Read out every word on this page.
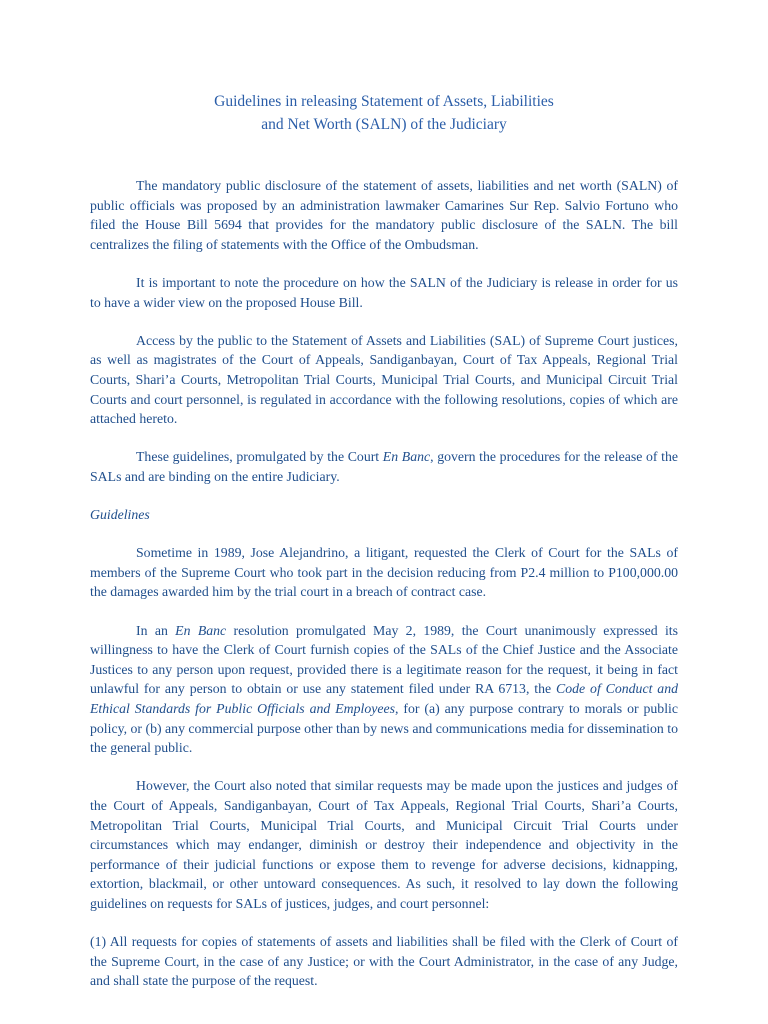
Guidelines in releasing Statement of Assets, Liabilities
and Net Worth (SALN) of the Judiciary

The mandatory public disclosure of the statement of assets, liabilities and net worth (SALN) of public officials was proposed by an administration lawmaker Camarines Sur Rep. Salvio Fortuno who filed the House Bill 5694 that provides for the mandatory public disclosure of the SALN. The bill centralizes the filing of statements with the Office of the Ombudsman.

It is important to note the procedure on how the SALN of the Judiciary is release in order for us to have a wider view on the proposed House Bill.

Access by the public to the Statement of Assets and Liabilities (SAL) of Supreme Court justices, as well as magistrates of the Court of Appeals, Sandiganbayan, Court of Tax Appeals, Regional Trial Courts, Shari’a Courts, Metropolitan Trial Courts, Municipal Trial Courts, and Municipal Circuit Trial Courts and court personnel, is regulated in accordance with the following resolutions, copies of which are attached hereto.

These guidelines, promulgated by the Court En Banc, govern the procedures for the release of the SALs and are binding on the entire Judiciary.

Guidelines

Sometime in 1989, Jose Alejandrino, a litigant, requested the Clerk of Court for the SALs of members of the Supreme Court who took part in the decision reducing from P2.4 million to P100,000.00 the damages awarded him by the trial court in a breach of contract case.

In an En Banc resolution promulgated May 2, 1989, the Court unanimously expressed its willingness to have the Clerk of Court furnish copies of the SALs of the Chief Justice and the Associate Justices to any person upon request, provided there is a legitimate reason for the request, it being in fact unlawful for any person to obtain or use any statement filed under RA 6713, the Code of Conduct and Ethical Standards for Public Officials and Employees, for (a) any purpose contrary to morals or public policy, or (b) any commercial purpose other than by news and communications media for dissemination to the general public.

However, the Court also noted that similar requests may be made upon the justices and judges of the Court of Appeals, Sandiganbayan, Court of Tax Appeals, Regional Trial Courts, Shari’a Courts, Metropolitan Trial Courts, Municipal Trial Courts, and Municipal Circuit Trial Courts under circumstances which may endanger, diminish or destroy their independence and objectivity in the performance of their judicial functions or expose them to revenge for adverse decisions, kidnapping, extortion, blackmail, or other untoward consequences. As such, it resolved to lay down the following guidelines on requests for SALs of justices, judges, and court personnel:

(1) All requests for copies of statements of assets and liabilities shall be filed with the Clerk of Court of the Supreme Court, in the case of any Justice; or with the Court Administrator, in the case of any Judge, and shall state the purpose of the request.
